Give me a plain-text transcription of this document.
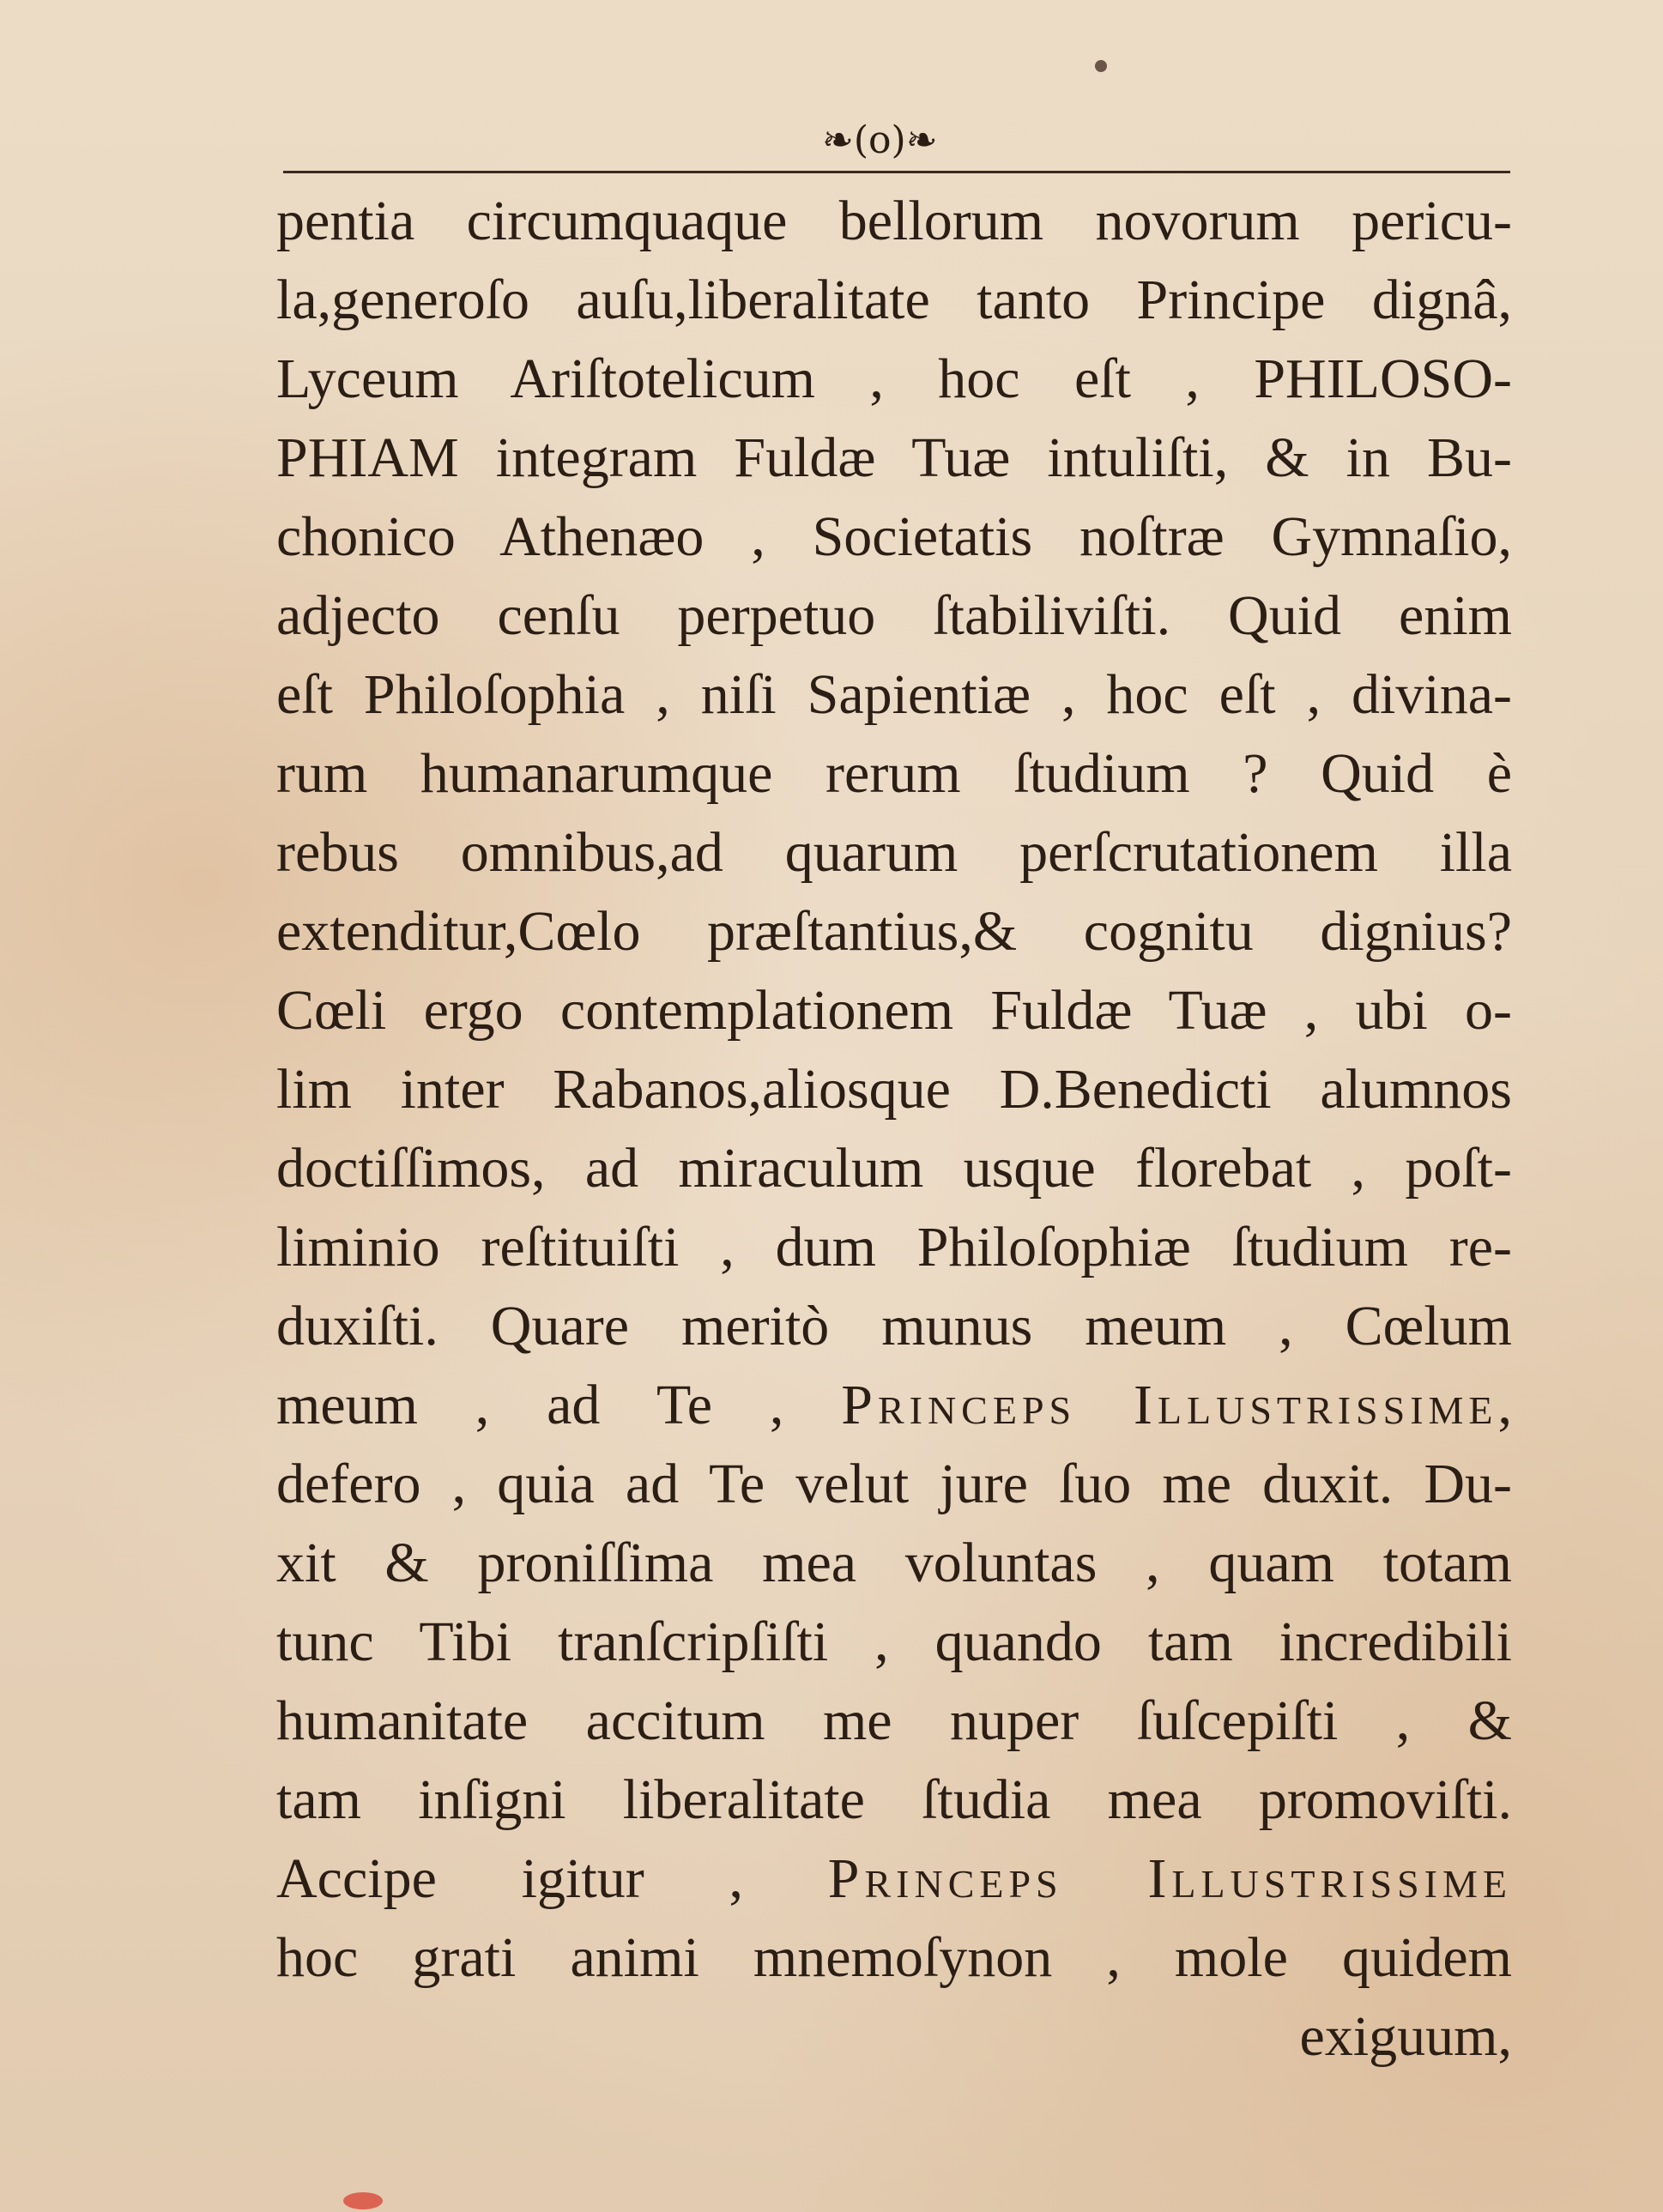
❧(o)❧
pentia circumquaque bellorum novorum pericu-
la,generoſo auſu,liberalitate tanto Principe dignâ,
Lyceum Ariſtotelicum , hoc eſt , PHILOSO-
PHIAM integram Fuldæ Tuæ intuliſti, & in Bu-
chonico Athenæo , Societatis noſtræ Gymnaſio,
adjecto cenſu perpetuo ſtabiliviſti. Quid enim
eſt Philoſophia , niſi Sapientiæ , hoc eſt , divina-
rum humanarumque rerum ſtudium ? Quid è
rebus omnibus,ad quarum perſcrutationem illa
extenditur,Cœlo præſtantius,& cognitu dignius?
Cœli ergo contemplationem Fuldæ Tuæ , ubi o-
lim inter Rabanos,aliosque D.Benedicti alumnos
doctiſſimos, ad miraculum usque florebat , poſt-
liminio reſtituiſti , dum Philoſophiæ ſtudium re-
duxiſti. Quare meritò munus meum , Cœlum
meum , ad Te , Princeps Illustrissime,
defero , quia ad Te velut jure ſuo me duxit. Du-
xit & proniſſima mea voluntas , quam totam
tunc Tibi tranſcripſiſti , quando tam incredibili
humanitate accitum me nuper ſuſcepiſti , &
tam inſigni liberalitate ſtudia mea promoviſti.
Accipe igitur , Princeps Illustrissime
hoc grati animi mnemoſynon , mole quidem
exiguum,
